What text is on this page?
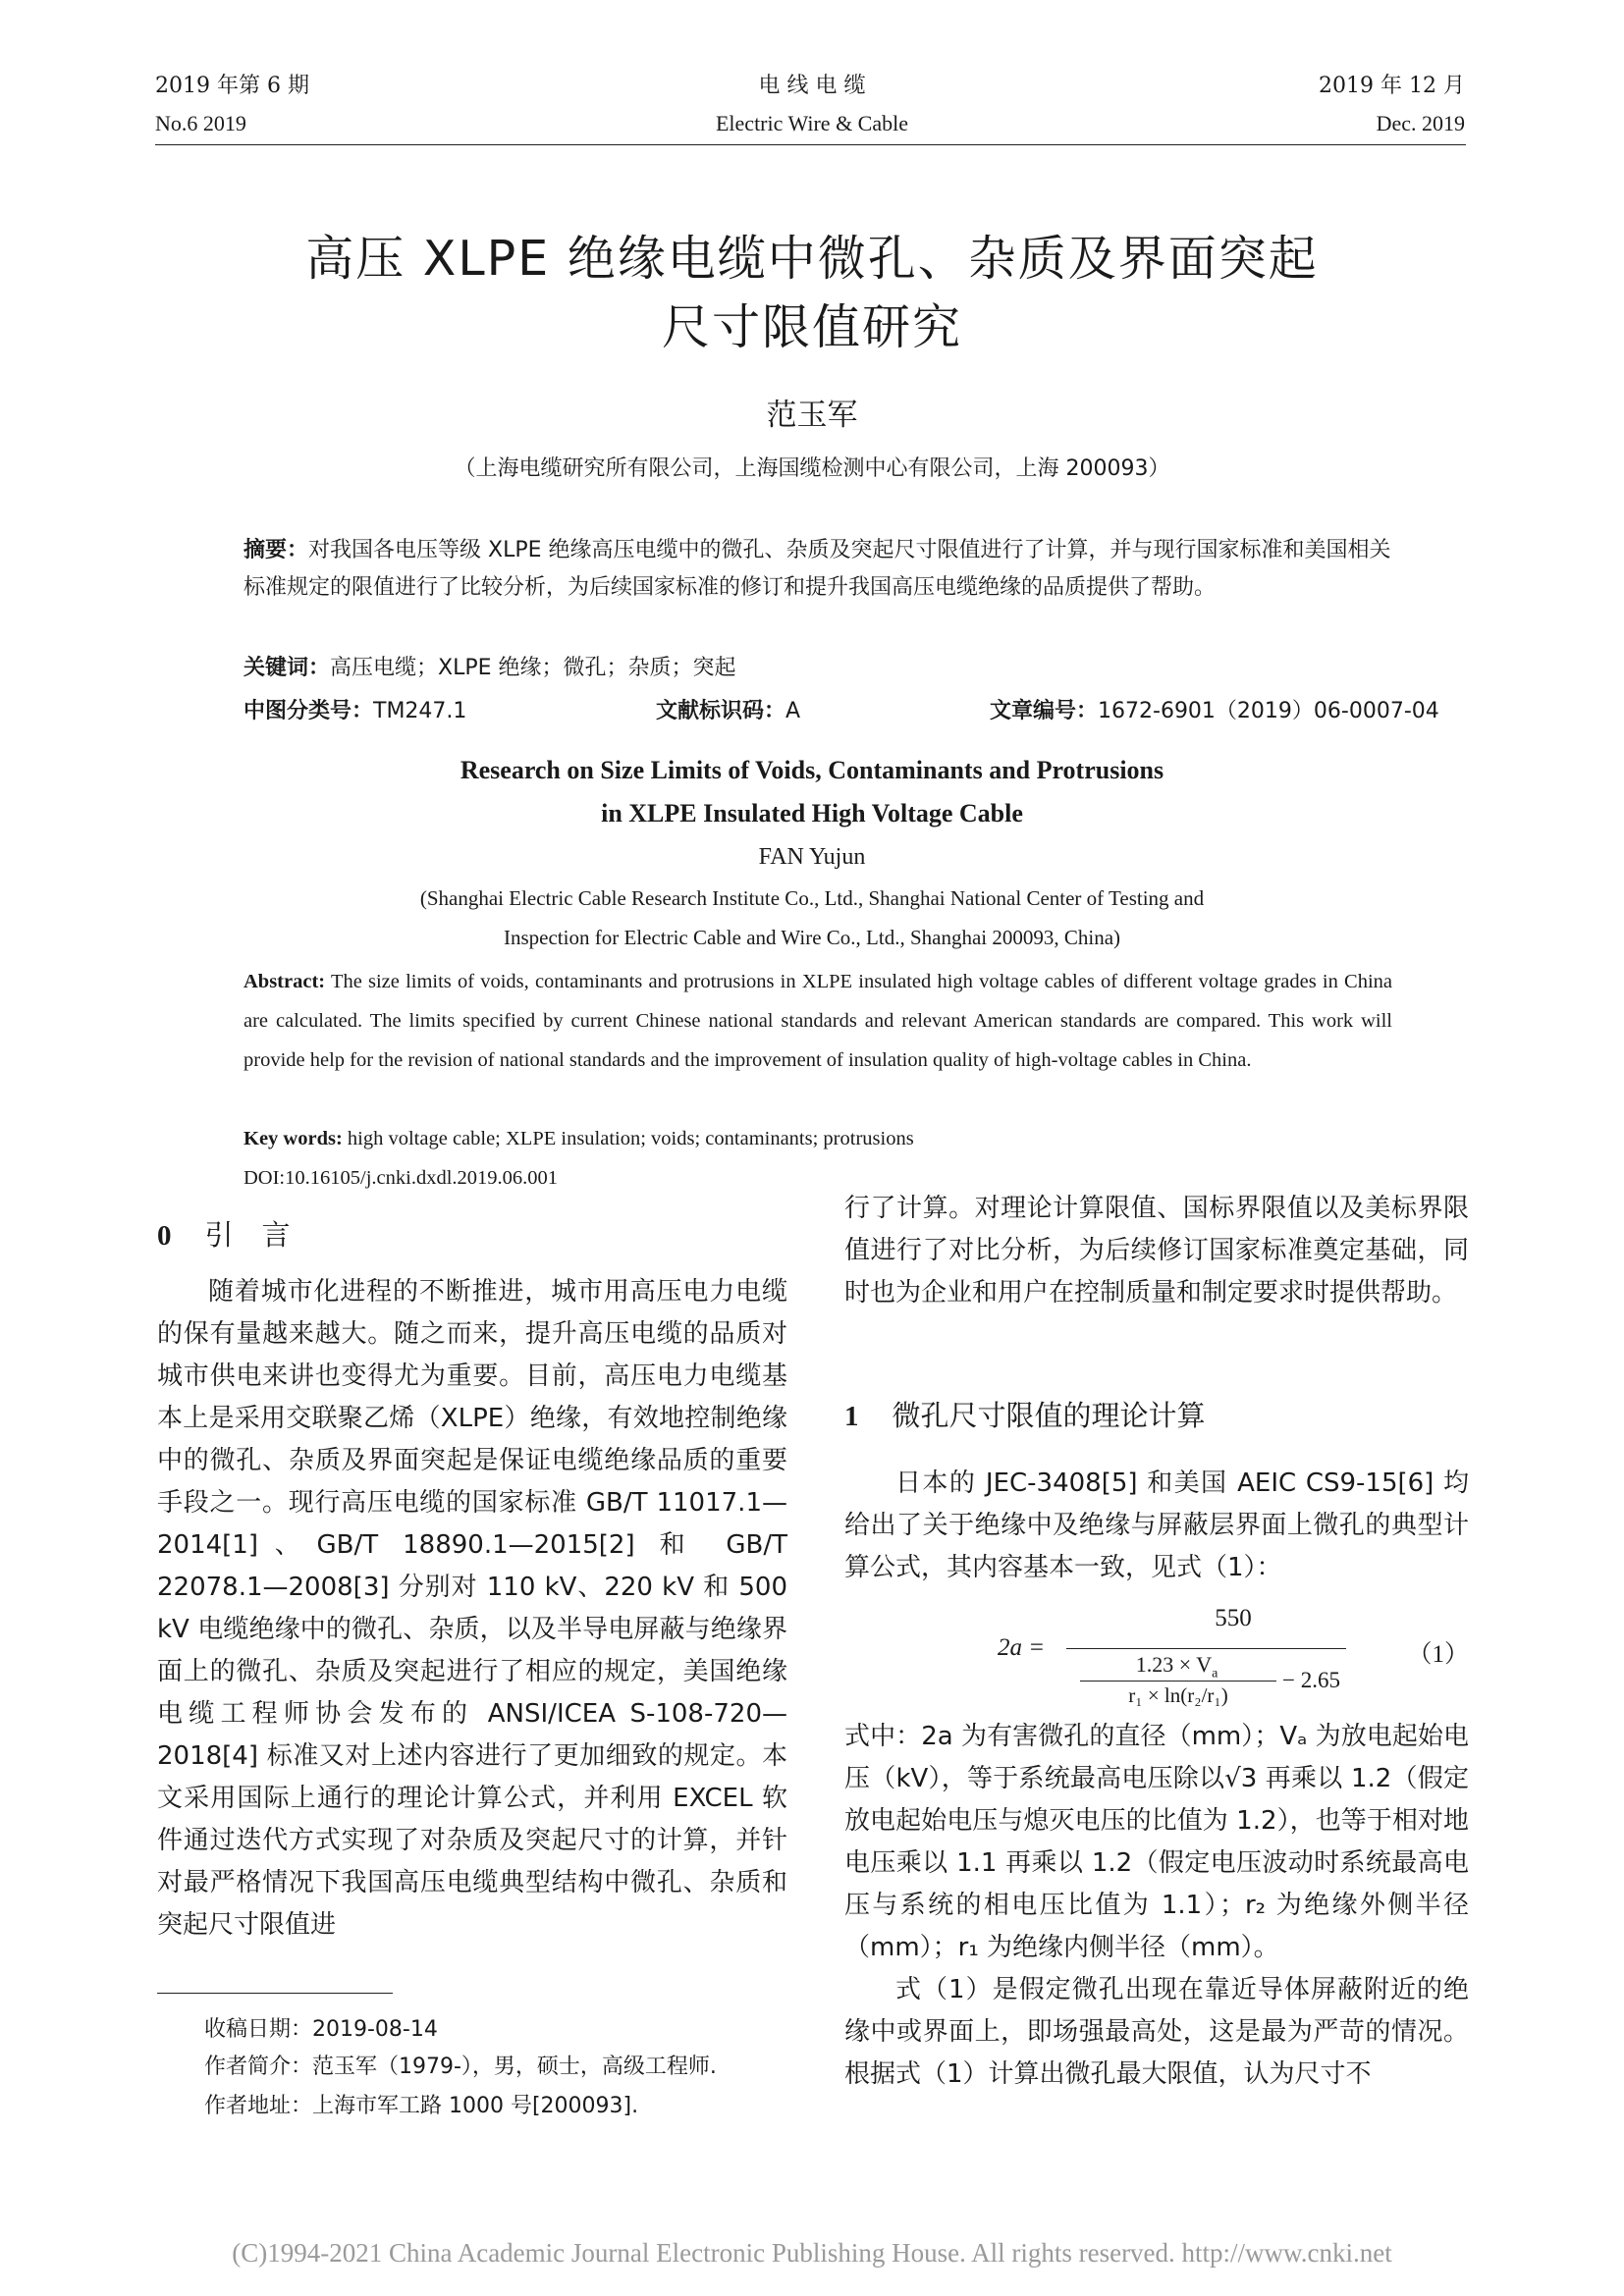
2019 年第 6 期
No.6 2019
电 线 电 缆
Electric Wire & Cable
2019 年 12 月
Dec. 2019
高压 XLPE 绝缘电缆中微孔、杂质及界面突起
尺寸限值研究
范玉军
（上海电缆研究所有限公司，上海国缆检测中心有限公司，上海 200093）
摘要：对我国各电压等级 XLPE 绝缘高压电缆中的微孔、杂质及突起尺寸限值进行了计算，并与现行国家标准和美国相关标准规定的限值进行了比较分析，为后续国家标准的修订和提升我国高压电缆绝缘的品质提供了帮助。
关键词：高压电缆；XLPE 绝缘；微孔；杂质；突起
中图分类号：TM247.1	文献标识码：A	文章编号：1672-6901（2019）06-0007-04
Research on Size Limits of Voids, Contaminants and Protrusions
in XLPE Insulated High Voltage Cable
FAN Yujun
(Shanghai Electric Cable Research Institute Co., Ltd., Shanghai National Center of Testing and
Inspection for Electric Cable and Wire Co., Ltd., Shanghai 200093, China)
Abstract: The size limits of voids, contaminants and protrusions in XLPE insulated high voltage cables of different voltage grades in China are calculated. The limits specified by current Chinese national standards and relevant American standards are compared. This work will provide help for the revision of national standards and the improvement of insulation quality of high-voltage cables in China.
Key words: high voltage cable; XLPE insulation; voids; contaminants; protrusions
DOI:10.16105/j.cnki.dxdl.2019.06.001
0 引　言

随着城市化进程的不断推进，城市用高压电力电缆的保有量越来越大。随之而来，提升高压电缆的品质对城市供电来讲也变得尤为重要。目前，高压电力电缆基本上是采用交联聚乙烯（XLPE）绝缘，有效地控制绝缘中的微孔、杂质及界面突起是保证电缆绝缘品质的重要手段之一。现行高压电缆的国家标准 GB/T 11017.1—2014[1]、GB/T 18890.1—2015[2] 和 GB/T 22078.1—2008[3] 分别对 110 kV、220 kV 和 500 kV 电缆绝缘中的微孔、杂质，以及半导电屏蔽与绝缘界面上的微孔、杂质及突起进行了相应的规定，美国绝缘电缆工程师协会发布的 ANSI/ICEA S-108-720—2018[4] 标准又对上述内容进行了更加细致的规定。本文采用国际上通行的理论计算公式，并利用 EXCEL 软件通过迭代方式实现了对杂质及突起尺寸的计算，并针对最严格情况下我国高压电缆典型结构中微孔、杂质和突起尺寸限值进

收稿日期：2019-08-14
作者简介：范玉军（1979-），男，硕士，高级工程师.
作者地址：上海市军工路 1000 号[200093].

行了计算。对理论计算限值、国标界限值以及美标界限值进行了对比分析，为后续修订国家标准奠定基础，同时也为企业和用户在控制质量和制定要求时提供帮助。

1 微孔尺寸限值的理论计算

日本的 JEC-3408[5] 和美国 AEIC CS9-15[6] 均给出了关于绝缘中及绝缘与屏蔽层界面上微孔的典型计算公式，其内容基本一致，见式（1）：

2a =
550
$1.23 \times V_a$
r₁ × ln(r₂/r₁)
− 2.65
（1）

式中：2a 为有害微孔的直径（mm）；Vₐ 为放电起始电压（kV），等于系统最高电压除以√3 再乘以 1.2（假定放电起始电压与熄灭电压的比值为 1.2），也等于相对地电压乘以 1.1 再乘以 1.2（假定电压波动时系统最高电压与系统的相电压比值为 1.1）；r₂ 为绝缘外侧半径（mm）；r₁ 为绝缘内侧半径（mm）。

式（1）是假定微孔出现在靠近导体屏蔽附近的绝缘中或界面上，即场强最高处，这是最为严苛的情况。根据式（1）计算出微孔最大限值，认为尺寸不

(C)1994-2021 China Academic Journal Electronic Publishing House. All rights reserved. http://www.cnki.net
